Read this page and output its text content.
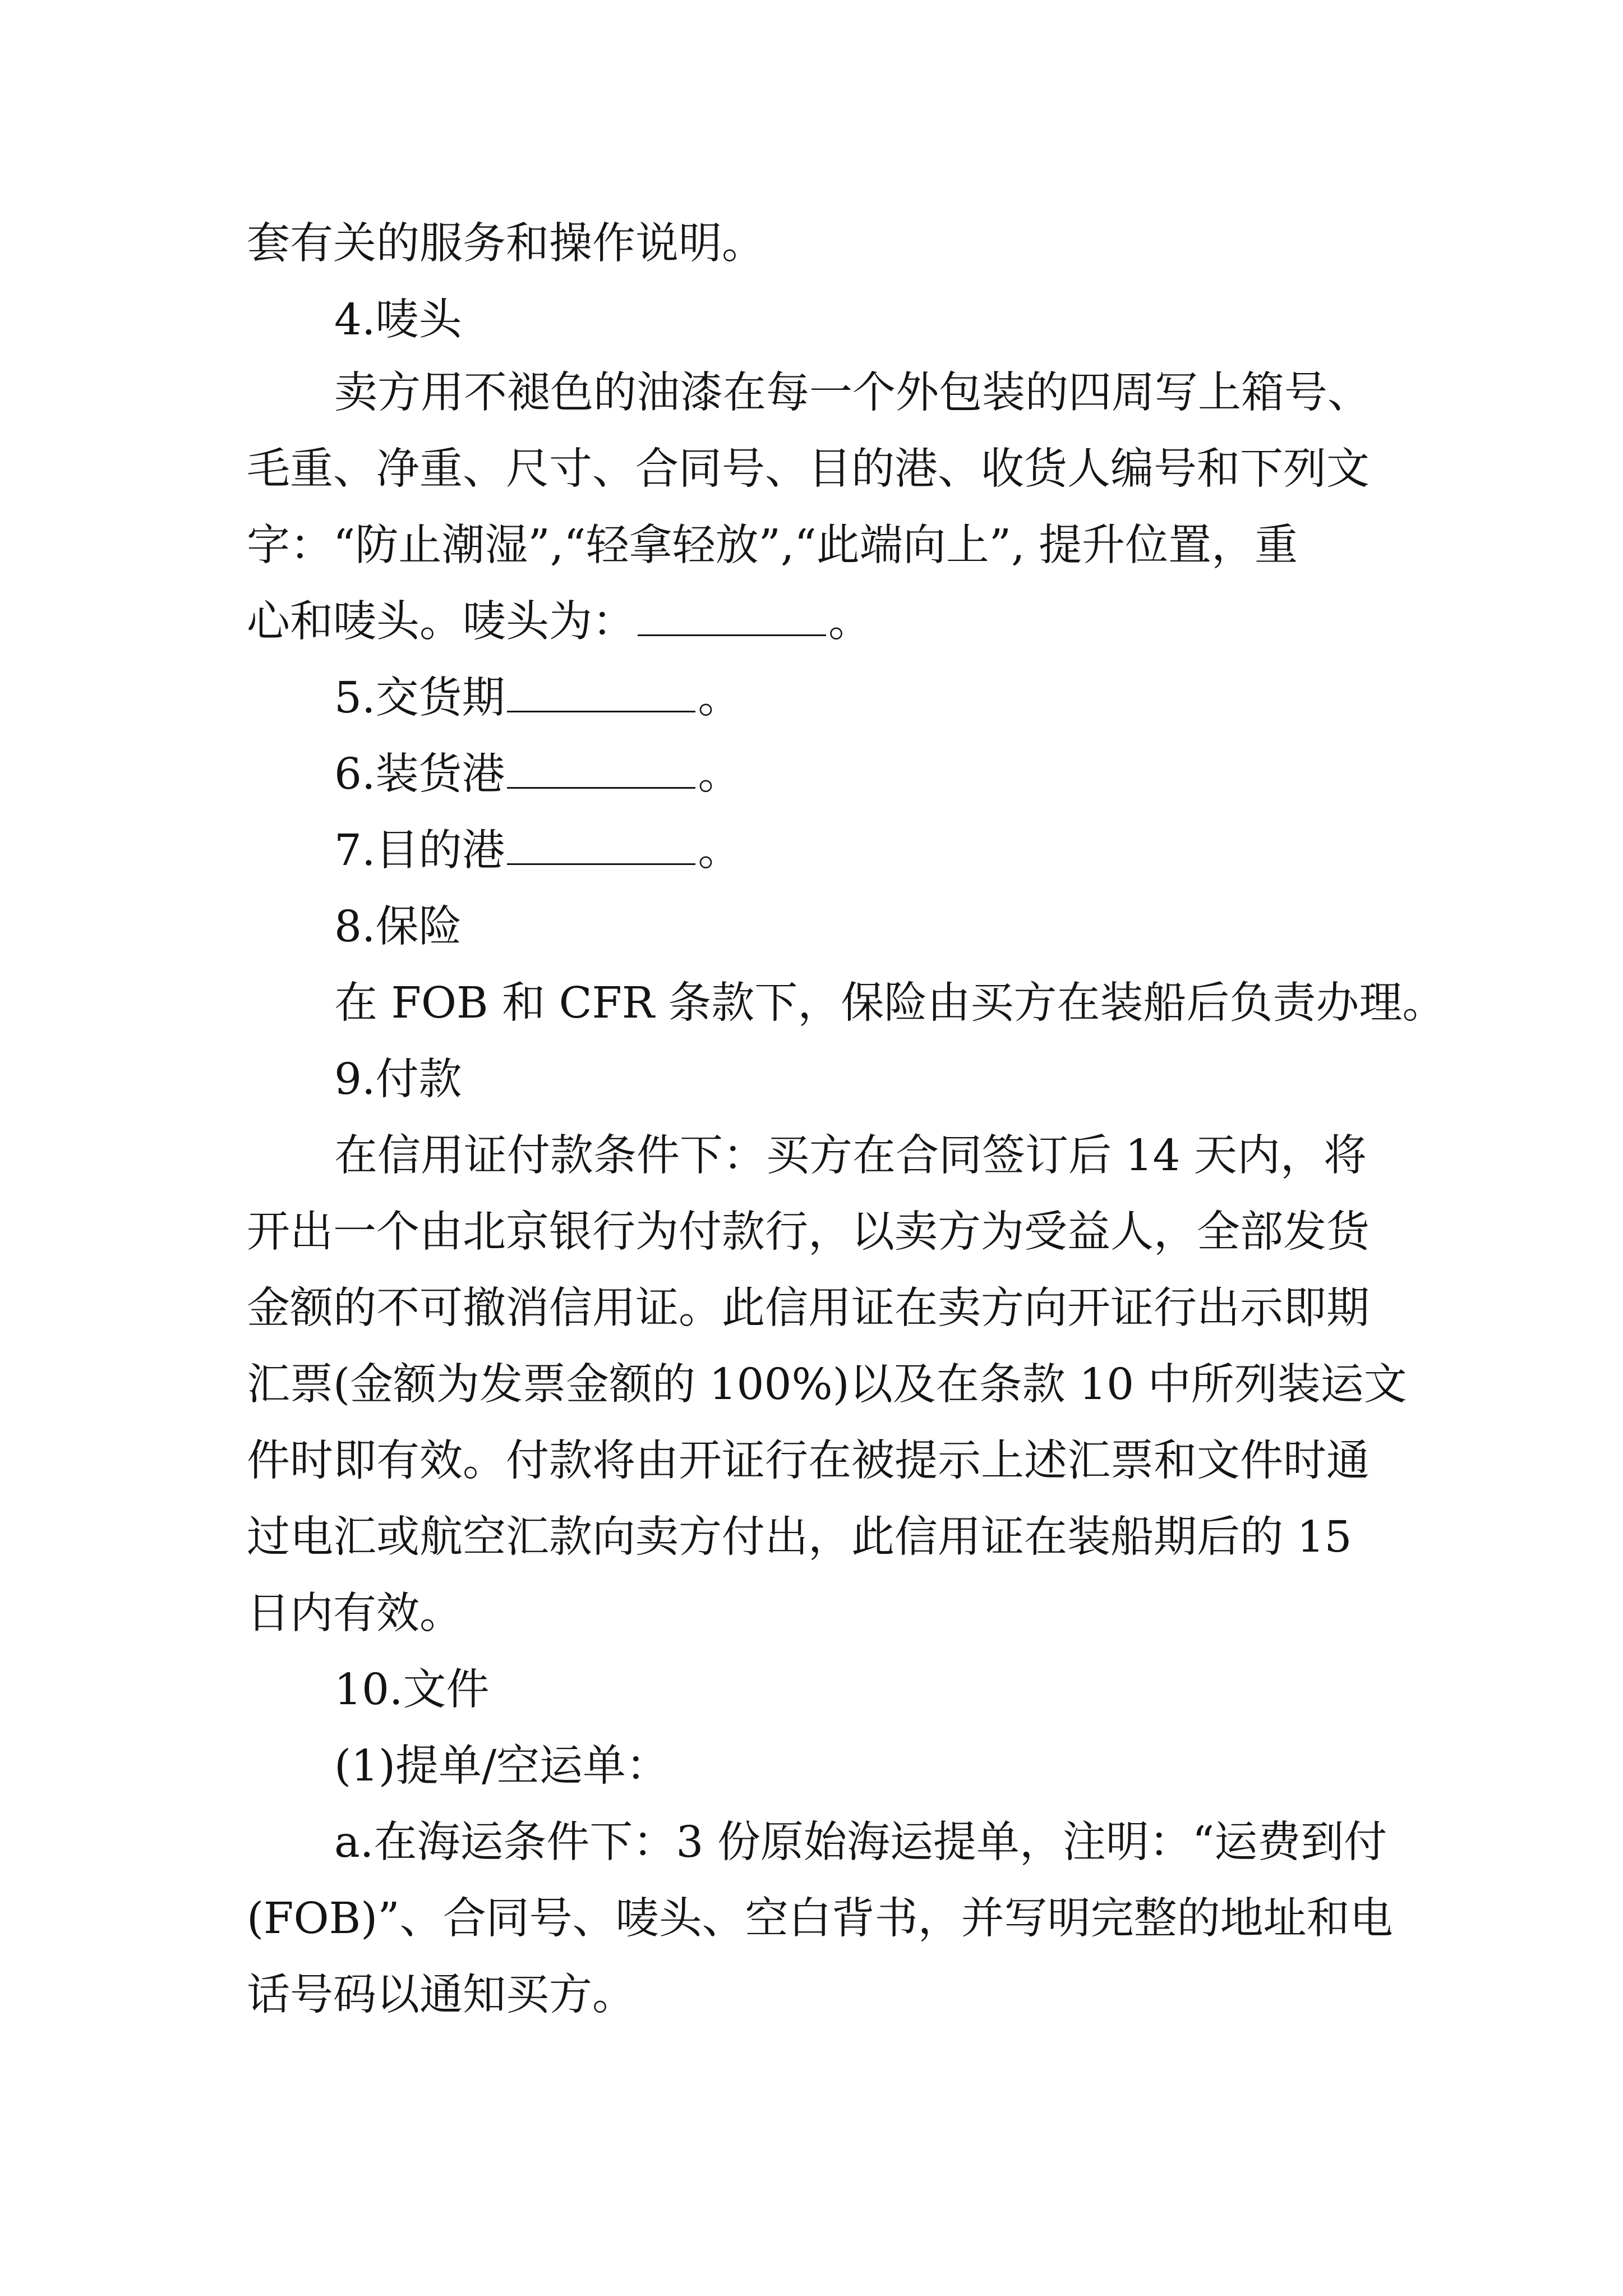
套有关的服务和操作说明。
4.唛头
卖方用不褪色的油漆在每一个外包装的四周写上箱号、
毛重、净重、尺寸、合同号、目的港、收货人编号和下列文
字：“防止潮湿”,“轻拿轻放”,“此端向上”, 提升位置，重
心和唛头。唛头为：	。
5.交货期	。
6.装货港	。
7.目的港	。
8.保险
在 FOB 和 CFR 条款下，保险由买方在装船后负责办理。
9.付款
在信用证付款条件下：买方在合同签订后 14 天内，将
开出一个由北京银行为付款行，以卖方为受益人，全部发货
金额的不可撤消信用证。此信用证在卖方向开证行出示即期
汇票(金额为发票金额的 100%)以及在条款 10 中所列装运文
件时即有效。付款将由开证行在被提示上述汇票和文件时通
过电汇或航空汇款向卖方付出，此信用证在装船期后的 15
日内有效。
10.文件
(1)提单/空运单：
a.在海运条件下：3 份原始海运提单，注明：“运费到付
(FOB)”、合同号、唛头、空白背书，并写明完整的地址和电
话号码以通知买方。
